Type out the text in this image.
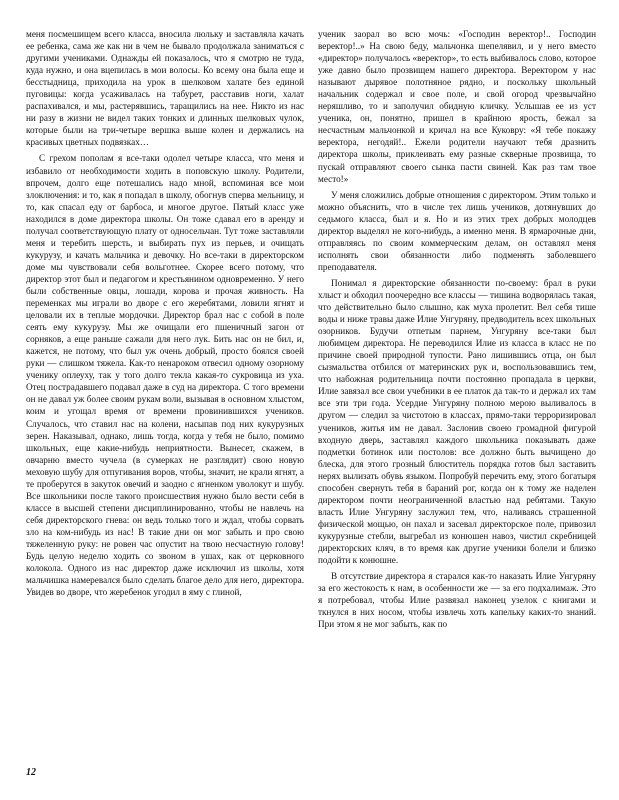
меня посмешищем всего класса, вносила люльку и заставляла качать ее ребенка, сама же как ни в чем не бывало продолжала заниматься с другими учениками. Однажды ей показалось, что я смотрю не туда, куда нужно, и она вцепилась в мои волосы. Ко всему она была еще и бесстыдница, приходила на урок в шелковом халате без единой пуговицы: когда усаживалась на табурет, расставив ноги, халат распахивался, и мы, растерявшись, таращились на нее. Никто из нас ни разу в жизни не видел таких тонких и длинных шелковых чулок, которые были на три-четыре вершка выше колен и держались на красивых цветных подвязках…

С грехом пополам я все-таки одолел четыре класса, что меня и избавило от необходимости ходить в поповскую школу. Родители, впрочем, долго еще потешались надо мной, вспоминая все мои злоключения: и то, как я попадал в школу, обогнув сперва мельницу, и то, как спасал еду от барбоса, и многое другое. Пятый класс уже находился в доме директора школы. Он тоже сдавал его в аренду и получал соответствующую плату от односельчан. Тут тоже заставляли меня и теребить шерсть, и выбирать пух из перьев, и очищать кукурузу, и качать мальчика и девочку. Но все-таки в директорском доме мы чувствовали себя вольготнее. Скорее всего потому, что директор этот был и педагогом и крестьянином одновременно. У него были собственные овцы, лошади, корова и прочая живность. На переменках мы играли во дворе с его жеребятами, ловили ягнят и целовали их в теплые мордочки. Директор брал нас с собой в поле сеять ему кукурузу. Мы же очищали его пшеничный загон от сорняков, а еще раньше сажали для него лук. Бить нас он не бил, и, кажется, не потому, что был уж очень добрый, просто боялся своей руки — слишком тяжела. Как-то ненароком отвесил одному озорному ученику оплеуху, так у того долго текла какая-то сукровица из уха. Отец пострадавшего подавал даже в суд на директора. С того времени он не давал уж более своим рукам воли, вызывая в основном хлыстом, коим и угощал время от времени провинившихся учеников. Случалось, что ставил нас на колени, насыпав под них кукурузных зерен. Наказывал, однако, лишь тогда, когда у тебя не было, помимо школьных, еще какие-нибудь неприятности. Вынесет, скажем, в овчарню вместо чучела (в сумерках не разглядит) свою новую меховую шубу для отпугивания воров, чтобы, значит, не крали ягнят, а те проберутся в закуток овечий и заодно с ягненком уволокут и шубу. Все школьники после такого происшествия нужно было вести себя в классе в высшей степени дисциплинированно, чтобы не навлечь на себя директорского гнева: он ведь только того и ждал, чтобы сорвать зло на ком-нибудь из нас! В такие дни он мог забыть и про свою тяжеленную руку: не ровен час опустит на твою несчастную голову! Будь целую неделю ходить со звоном в ушах, как от церковного колокола. Одного из нас директор даже исключил из школы, хотя мальчишка намеревался было сделать благое дело для него, директора. Увидев во дворе, что жеребенок угодил в яму с глиной,

ученик заорал во всю мочь: «Господин веректор!.. Господин веректор!..» На свою беду, мальчонка шепелявил, и у него вместо «директор» получалось «веректор», то есть выбивалось слово, которое уже давно было прозвищем нашего директора. Веректором у нас называют дырявое полотняное рядно, и поскольку школьный начальник содержал и свое поле, и свой огород чрезвычайно неряшливо, то и заполучил обидную кличку. Услышав ее из уст ученика, он, понятно, пришел в крайнюю ярость, бежал за несчастным мальчонкой и кричал на все Куковру: «Я тебе покажу веректора, негодяй!.. Ежели родители научают тебя дразнить директора школы, приклеивать ему разные скверные прозвища, то пускай отправляют своего сынка пасти свиней. Как раз там твое место!»

У меня сложились добрые отношения с директором. Этим только и можно объяснить, что в числе тех лишь учеников, дотянувших до седьмого класса, был и я. Но и из этих трех добрых молодцев директор выделял не кого-нибудь, а именно меня. В ярмарочные дни, отправляясь по своим коммерческим делам, он оставлял меня исполнять свои обязанности либо подменять заболевшего преподавателя.

Понимал я директорские обязанности по-своему: брал в руки хлыст и обходил поочередно все классы — тишина водворялась такая, что действительно было слышно, как муха пролетит. Вел себя тише воды и ниже травы даже Илие Унгуряну, предводитель всех школьных озорников. Будучи отпетым парнем, Унгуряну все-таки был любимцем директора. Не переводился Илие из класса в класс не по причине своей природной тупости. Рано лишившись отца, он был сызмальства отбился от материнских рук и, воспользовавшись тем, что набожная родительница почти постоянно пропадала в церкви, Илие завязал все свои учебники в ее платок да так-то и держал их там все эти три года. Усердие Унгуряну полною мерою выливалось в другом — следил за чистотою в классах, прямо-таки терроризировал учеников, житья им не давал. Заслонив своею громадной фигурой входную дверь, заставлял каждого школьника показывать даже подметки ботинок или постолов: все должно быть вычищено до блеска, для этого грозный блюститель порядка готов был заставить нерях вылизать обувь языком. Попробуй перечить ему, этого богатыря способен свернуть тебя в бараний рог, когда он к тому же наделен директором почти неограниченной властью над ребятами. Такую власть Илие Унгуряну заслужил тем, что, наливаясь страшенной физической мощью, он пахал и засевал директорское поле, привозил кукурузные стебли, выгребал из конюшен навоз, чистил скребницей директорских кляч, в то время как другие ученики болели и близко подойти к конюшне.

В отсутствие директора я старался как-то наказать Илие Унгуряну за его жестокость к нам, в особенности же — за его подхалимаж. Это я потребовал, чтобы Илие развязал наконец узелок с книгами и ткнулся в них носом, чтобы извлечь хоть капельку каких-то знаний. При этом я не мог забыть, как по

12
